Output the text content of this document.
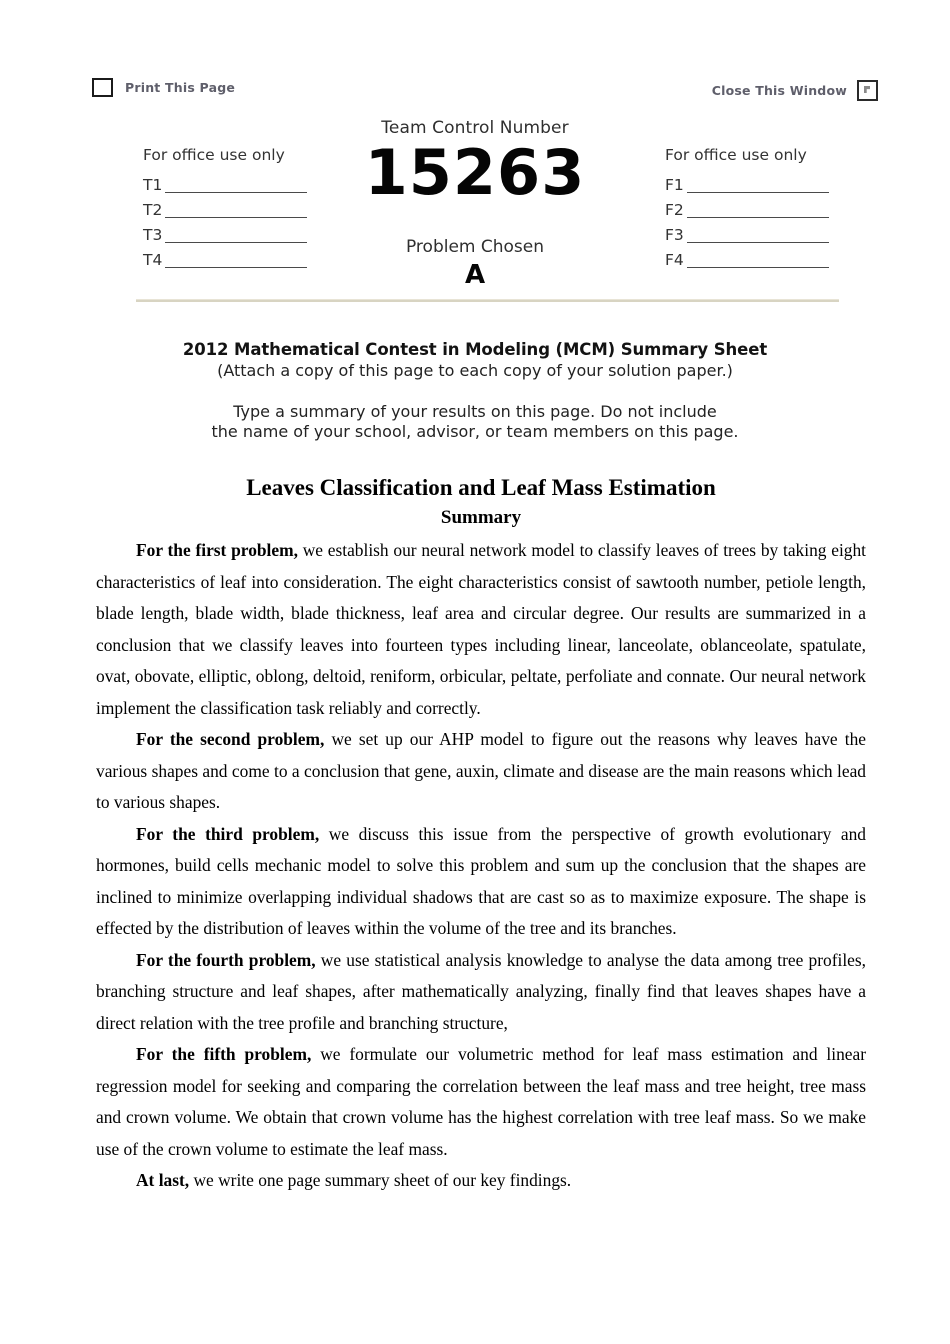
Print This Page	Close This Window
For office use only
T1
T2
T3
T4
Team Control Number
15263
Problem Chosen
A
For office use only
F1
F2
F3
F4
2012 Mathematical Contest in Modeling (MCM) Summary Sheet
(Attach a copy of this page to each copy of your solution paper.)
Type a summary of your results on this page. Do not include
the name of your school, advisor, or team members on this page.
Leaves Classification and Leaf Mass Estimation
Summary

For the first problem, we establish our neural network model to classify leaves of trees by taking eight characteristics of leaf into consideration. The eight characteristics consist of sawtooth number, petiole length, blade length, blade width, blade thickness, leaf area and circular degree. Our results are summarized in a conclusion that we classify leaves into fourteen types including linear, lanceolate, oblanceolate, spatulate, ovat, obovate, elliptic, oblong, deltoid, reniform, orbicular, peltate, perfoliate and connate. Our neural network implement the classification task reliably and correctly.

For the second problem, we set up our AHP model to figure out the reasons why leaves have the various shapes and come to a conclusion that gene, auxin, climate and disease are the main reasons which lead to various shapes.

For the third problem, we discuss this issue from the perspective of growth evolutionary and hormones, build cells mechanic model to solve this problem and sum up the conclusion that the shapes are inclined to minimize overlapping individual shadows that are cast so as to maximize exposure. The shape is effected by the distribution of leaves within the volume of the tree and its branches.

For the fourth problem, we use statistical analysis knowledge to analyse the data among tree profiles, branching structure and leaf shapes, after mathematically analyzing, finally find that leaves shapes have a direct relation with the tree profile and branching structure,

For the fifth problem, we formulate our volumetric method for leaf mass estimation and linear regression model for seeking and comparing the correlation between the leaf mass and tree height, tree mass and crown volume. We obtain that crown volume has the highest correlation with tree leaf mass. So we make use of the crown volume to estimate the leaf mass.

At last, we write one page summary sheet of our key findings.
